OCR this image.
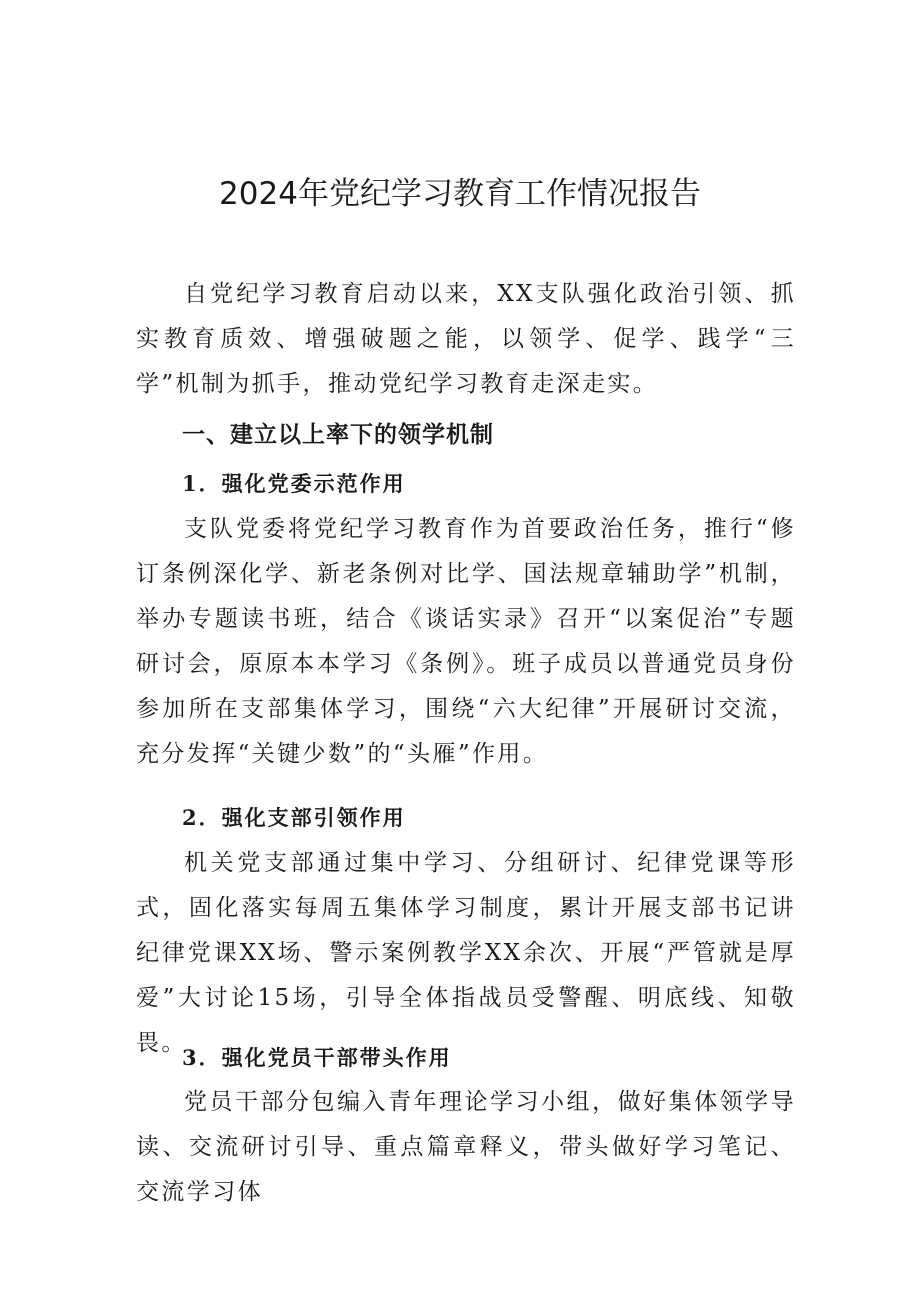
2024年党纪学习教育工作情况报告

自党纪学习教育启动以来，XX支队强化政治引领、抓实教育质效、增强破题之能，以领学、促学、践学“三学”机制为抓手，推动党纪学习教育走深走实。

一、建立以上率下的领学机制
1．强化党委示范作用

支队党委将党纪学习教育作为首要政治任务，推行“修订条例深化学、新老条例对比学、国法规章辅助学”机制，举办专题读书班，结合《谈话实录》召开“以案促治”专题研讨会，原原本本学习《条例》。班子成员以普通党员身份参加所在支部集体学习，围绕“六大纪律”开展研讨交流，充分发挥“关键少数”的“头雁”作用。

2．强化支部引领作用

机关党支部通过集中学习、分组研讨、纪律党课等形式，固化落实每周五集体学习制度，累计开展支部书记讲纪律党课XX场、警示案例教学XX余次、开展“严管就是厚爱”大讨论15场，引导全体指战员受警醒、明底线、知敬畏。

3．强化党员干部带头作用

党员干部分包编入青年理论学习小组，做好集体领学导读、交流研讨引导、重点篇章释义，带头做好学习笔记、交流学习体
